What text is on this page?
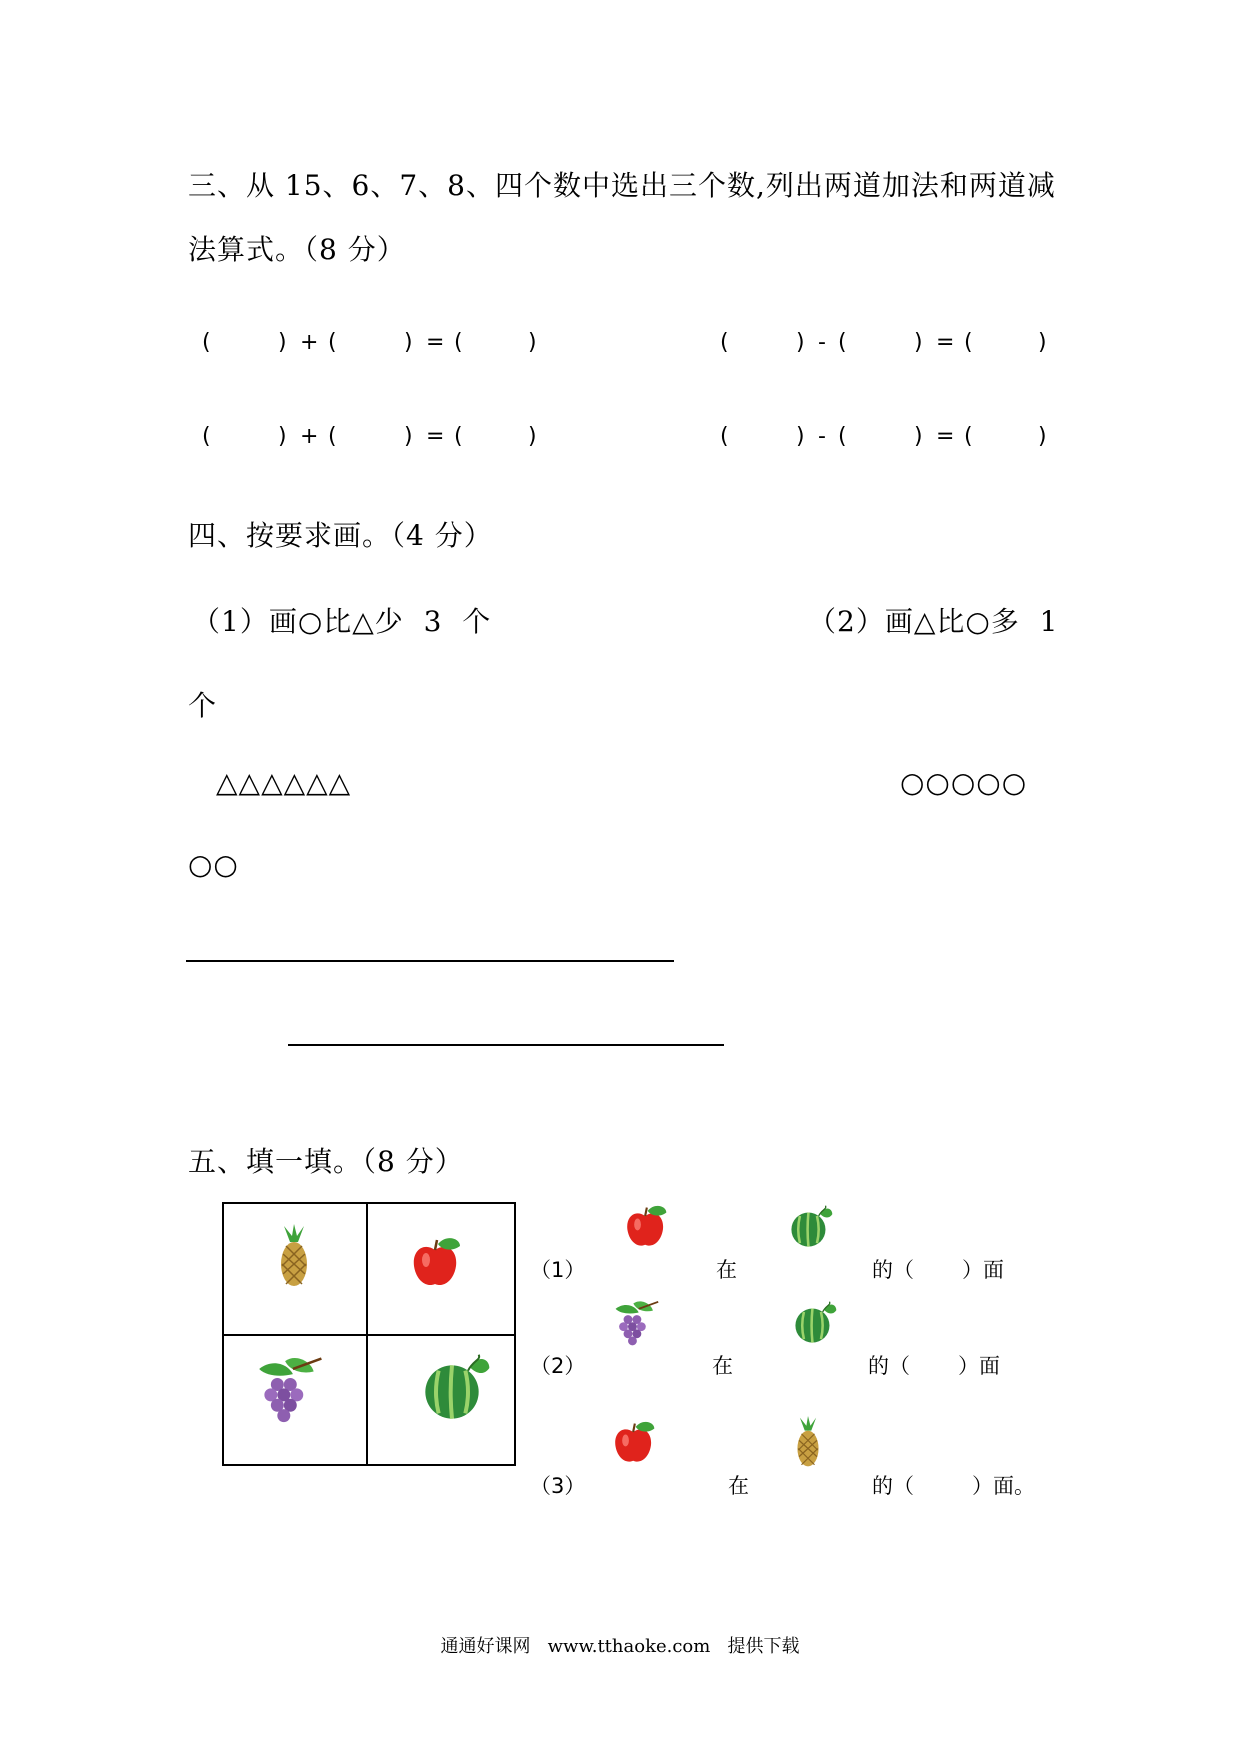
三、从 15、6、7、8、四个数中选出三个数,列出两道加法和两道减
法算式。（8 分）
(	) + (	) = (	)	(	) - (	) = (	)
(	) + (	) = (	)	(	) - (	) = (	)
四、按要求画。（4 分）
（1）画○比△少  3  个	（2）画△比○多  1
个
△△△△△△	○○○○○
○○
五、填一填。（8 分）
（1）	在	的（ ）面
（2）	在	的（ ）面
（3）	在	的（	）面。
通通好课网   www.tthaoke.com   提供下载
